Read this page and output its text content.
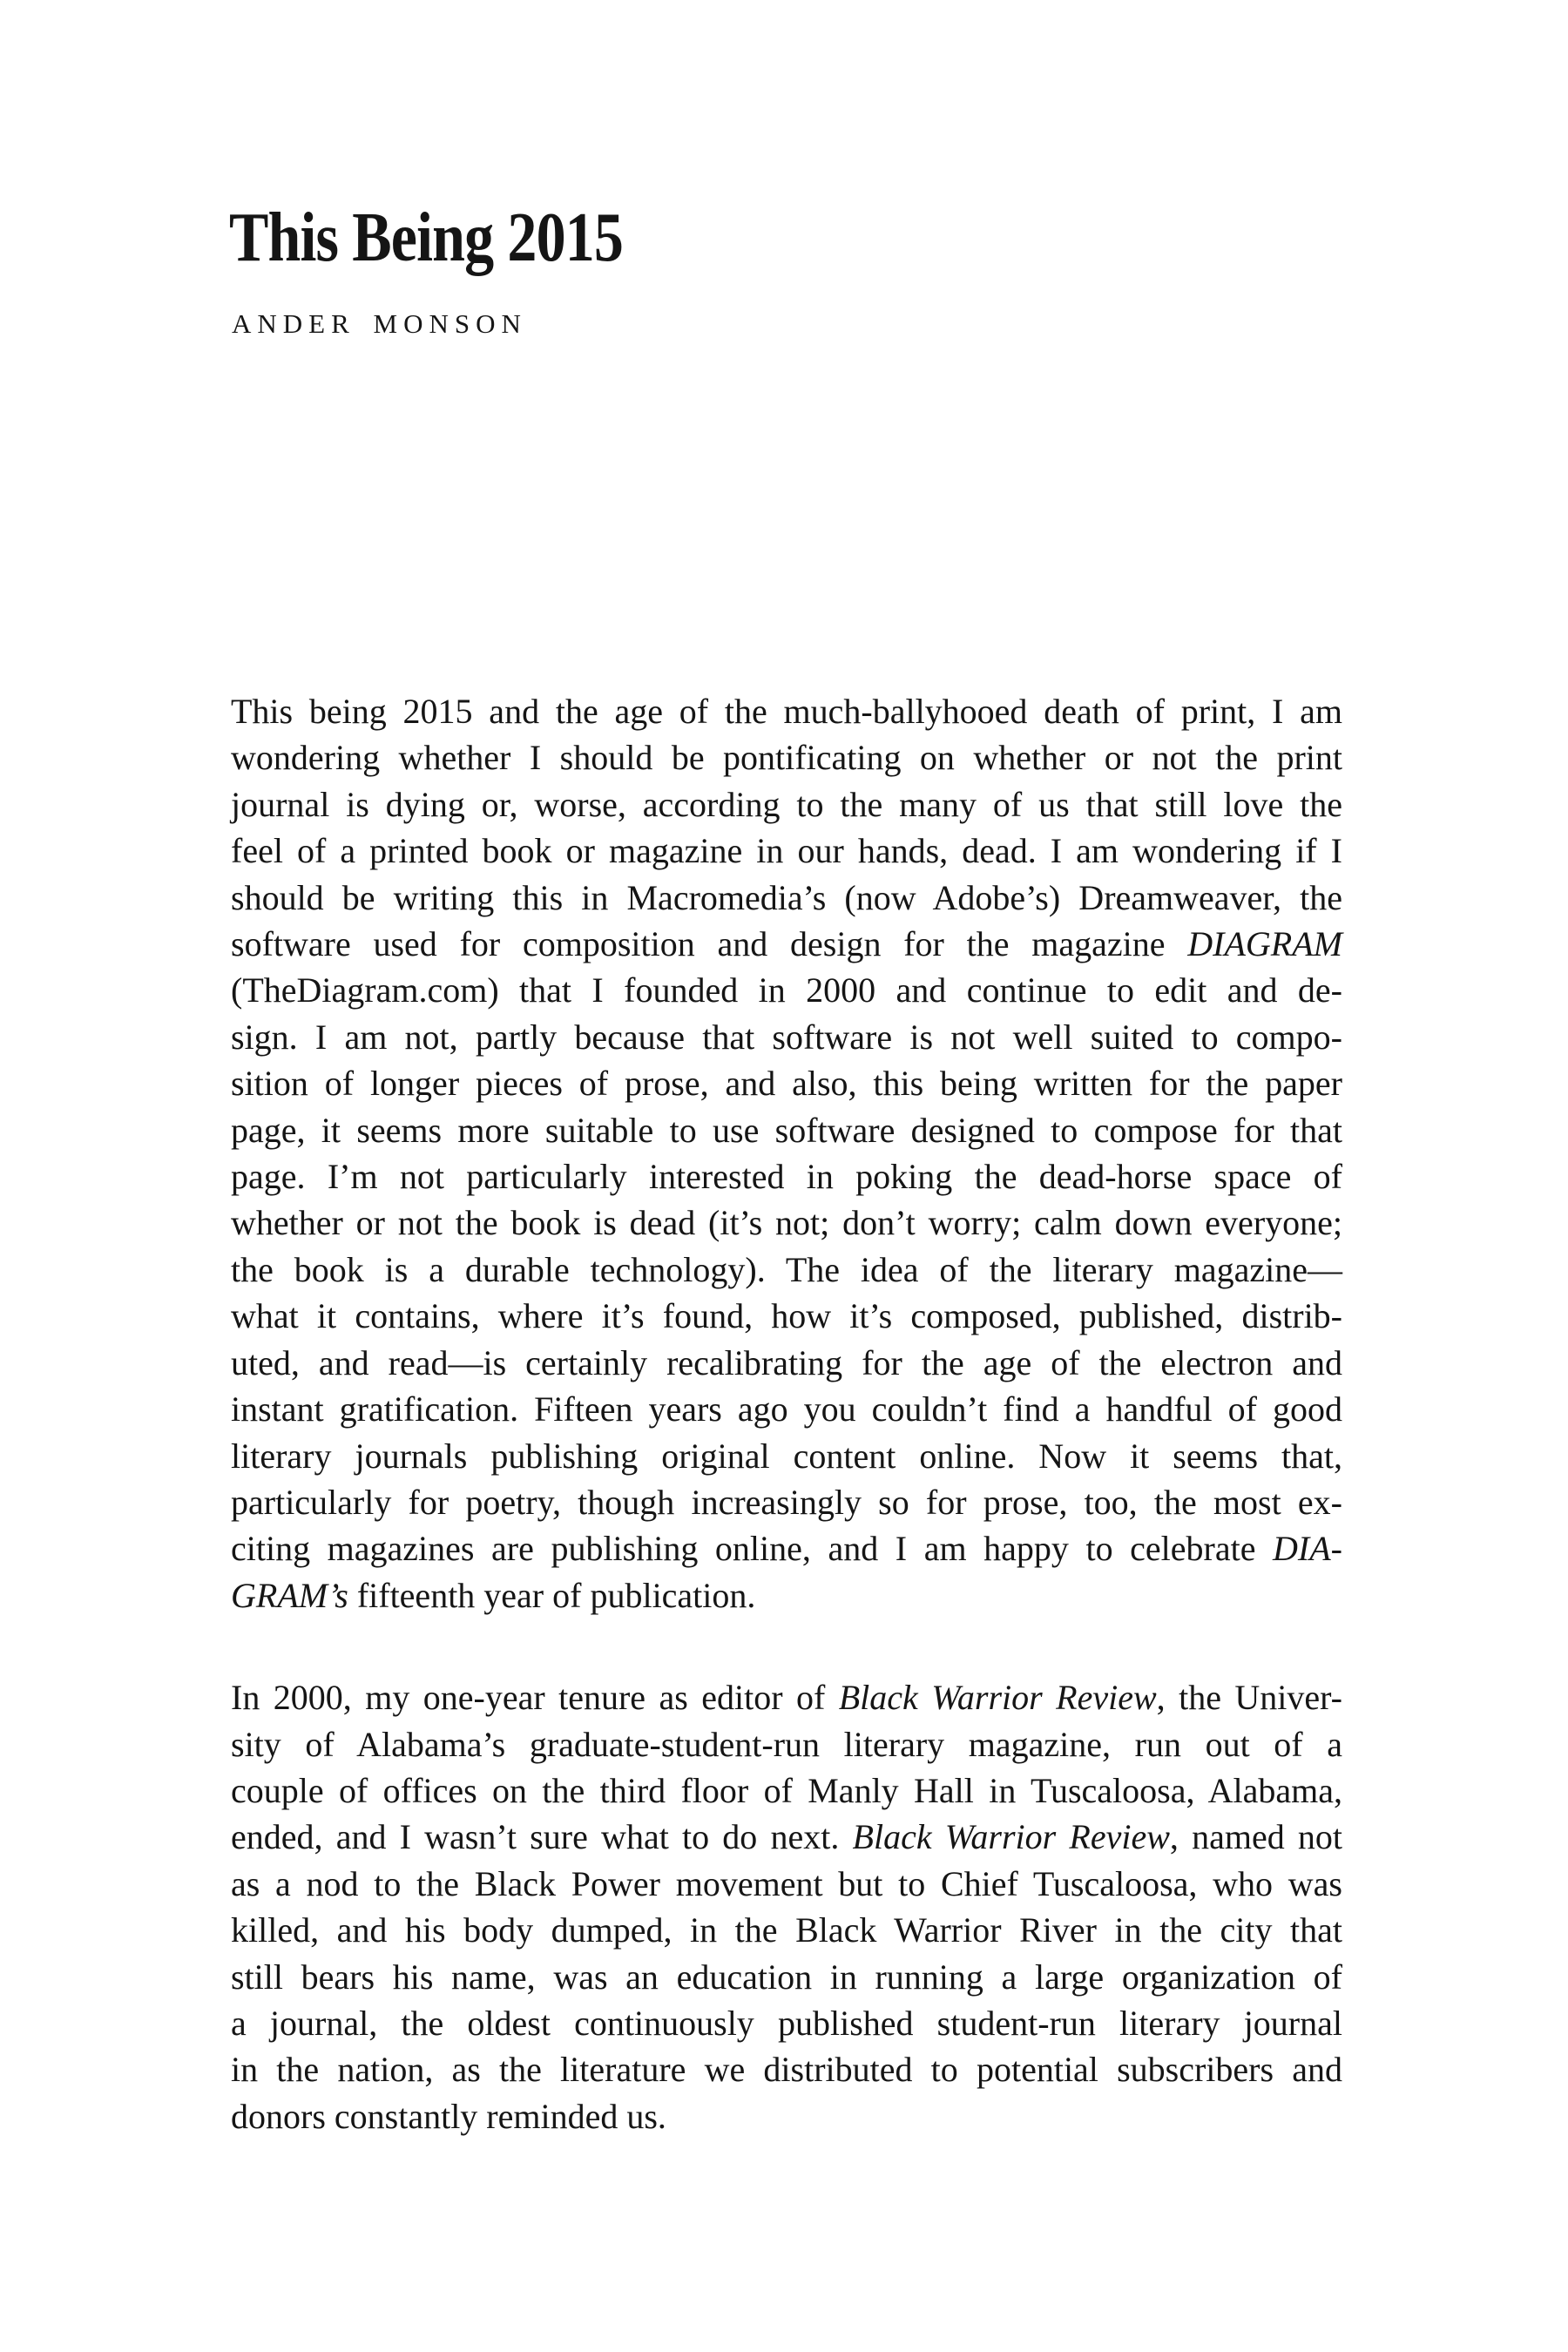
This Being 2015
ANDER MONSON
This being 2015 and the age of the much-ballyhooed death of print, I am
wondering whether I should be pontificating on whether or not the print
journal is dying or, worse, according to the many of us that still love the
feel of a printed book or magazine in our hands, dead. I am wondering if I
should be writing this in Macromedia’s (now Adobe’s) Dreamweaver, the
software used for composition and design for the magazine DIAGRAM
(TheDiagram.com) that I founded in 2000 and continue to edit and de-
sign. I am not, partly because that software is not well suited to compo-
sition of longer pieces of prose, and also, this being written for the paper
page, it seems more suitable to use software designed to compose for that
page. I’m not particularly interested in poking the dead-horse space of
whether or not the book is dead (it’s not; don’t worry; calm down everyone;
the book is a durable technology). The idea of the literary magazine—
what it contains, where it’s found, how it’s composed, published, distrib-
uted, and read—is certainly recalibrating for the age of the electron and
instant gratification. Fifteen years ago you couldn’t find a handful of good
literary journals publishing original content online. Now it seems that,
particularly for poetry, though increasingly so for prose, too, the most ex-
citing magazines are publishing online, and I am happy to celebrate DIA-
GRAM’s fifteenth year of publication.
In 2000, my one-year tenure as editor of Black Warrior Review, the Univer-
sity of Alabama’s graduate-student-run literary magazine, run out of a
couple of offices on the third floor of Manly Hall in Tuscaloosa, Alabama,
ended, and I wasn’t sure what to do next. Black Warrior Review, named not
as a nod to the Black Power movement but to Chief Tuscaloosa, who was
killed, and his body dumped, in the Black Warrior River in the city that
still bears his name, was an education in running a large organization of
a journal, the oldest continuously published student-run literary journal
in the nation, as the literature we distributed to potential subscribers and
donors constantly reminded us.
